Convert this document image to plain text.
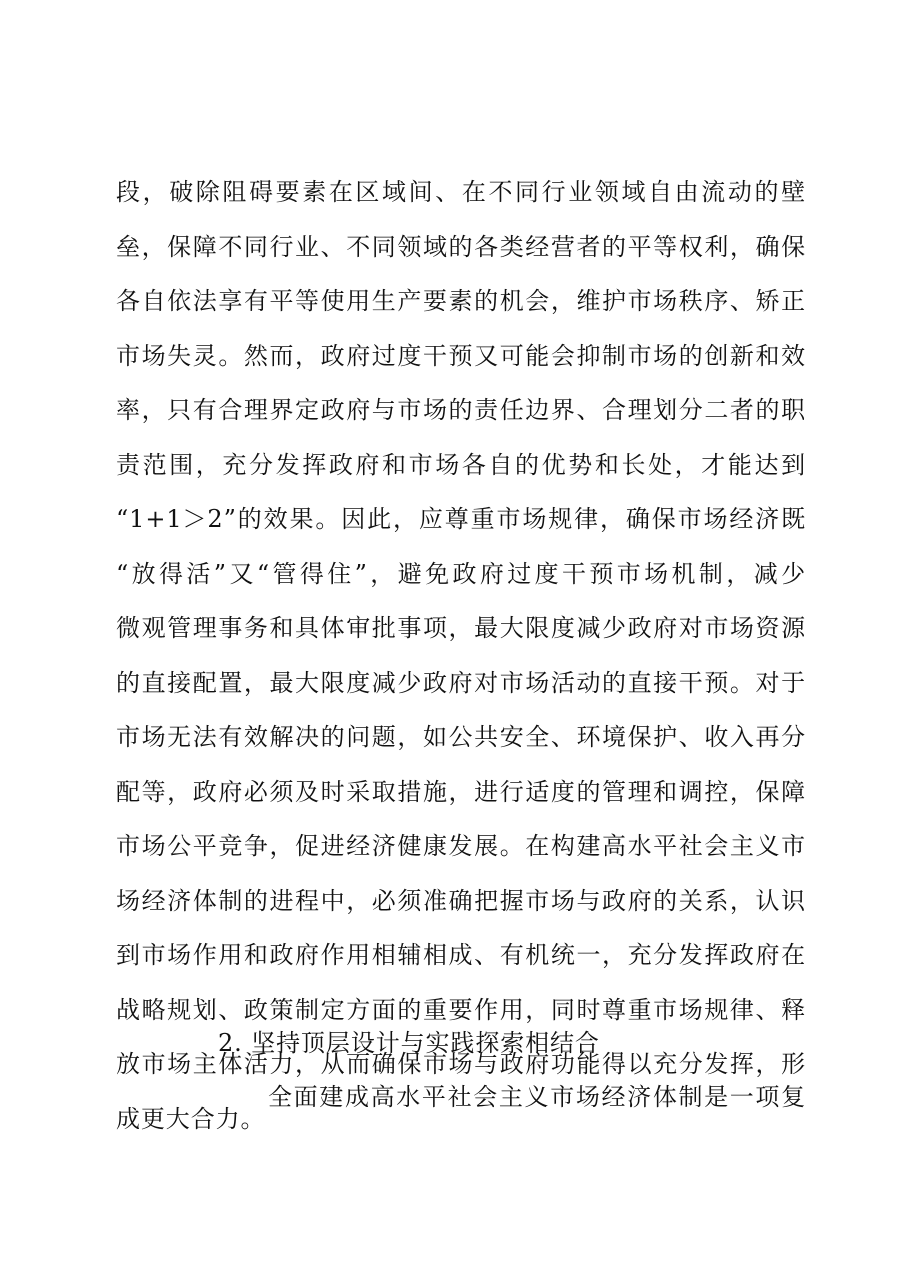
段，破除阻碍要素在区域间、在不同行业领域自由流动的壁
垒，保障不同行业、不同领域的各类经营者的平等权利，确保
各自依法享有平等使用生产要素的机会，维护市场秩序、矫正
市场失灵。然而，政府过度干预又可能会抑制市场的创新和效
率，只有合理界定政府与市场的责任边界、合理划分二者的职
责范围，充分发挥政府和市场各自的优势和长处，才能达到
“1+1＞2”的效果。因此，应尊重市场规律，确保市场经济既
“放得活”又“管得住”，避免政府过度干预市场机制，减少
微观管理事务和具体审批事项，最大限度减少政府对市场资源
的直接配置，最大限度减少政府对市场活动的直接干预。对于
市场无法有效解决的问题，如公共安全、环境保护、收入再分
配等，政府必须及时采取措施，进行适度的管理和调控，保障
市场公平竞争，促进经济健康发展。在构建高水平社会主义市
场经济体制的进程中，必须准确把握市场与政府的关系，认识
到市场作用和政府作用相辅相成、有机统一，充分发挥政府在
战略规划、政策制定方面的重要作用，同时尊重市场规律、释
放市场主体活力，从而确保市场与政府功能得以充分发挥，形
成更大合力。
2. 坚持顶层设计与实践探索相结合
全面建成高水平社会主义市场经济体制是一项复
